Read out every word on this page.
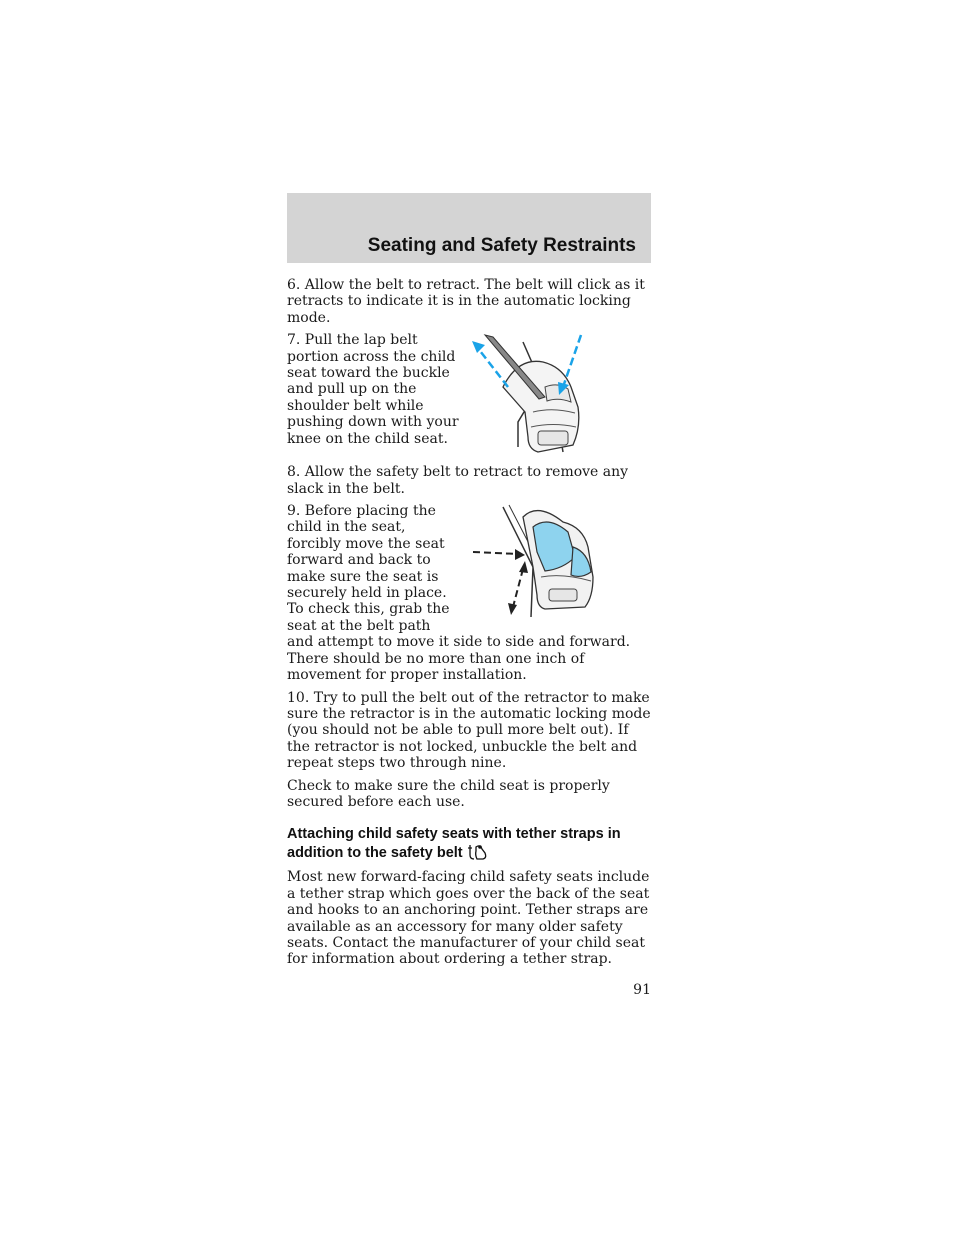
Seating and Safety Restraints

6. Allow the belt to retract. The belt will click as it retracts to indicate it is in the automatic locking mode.

7. Pull the lap belt portion across the child seat toward the buckle and pull up on the shoulder belt while pushing down with your knee on the child seat.

8. Allow the safety belt to retract to remove any slack in the belt.

9. Before placing the child in the seat, forcibly move the seat forward and back to make sure the seat is securely held in place. To check this, grab the seat at the belt path and attempt to move it side to side and forward. There should be no more than one inch of movement for proper installation.

10. Try to pull the belt out of the retractor to make sure the retractor is in the automatic locking mode (you should not be able to pull more belt out). If the retractor is not locked, unbuckle the belt and repeat steps two through nine.

Check to make sure the child seat is properly secured before each use.

Attaching child safety seats with tether straps in addition to the safety belt

Most new forward-facing child safety seats include a tether strap which goes over the back of the seat and hooks to an anchoring point. Tether straps are available as an accessory for many older safety seats. Contact the manufacturer of your child seat for information about ordering a tether strap.

91
